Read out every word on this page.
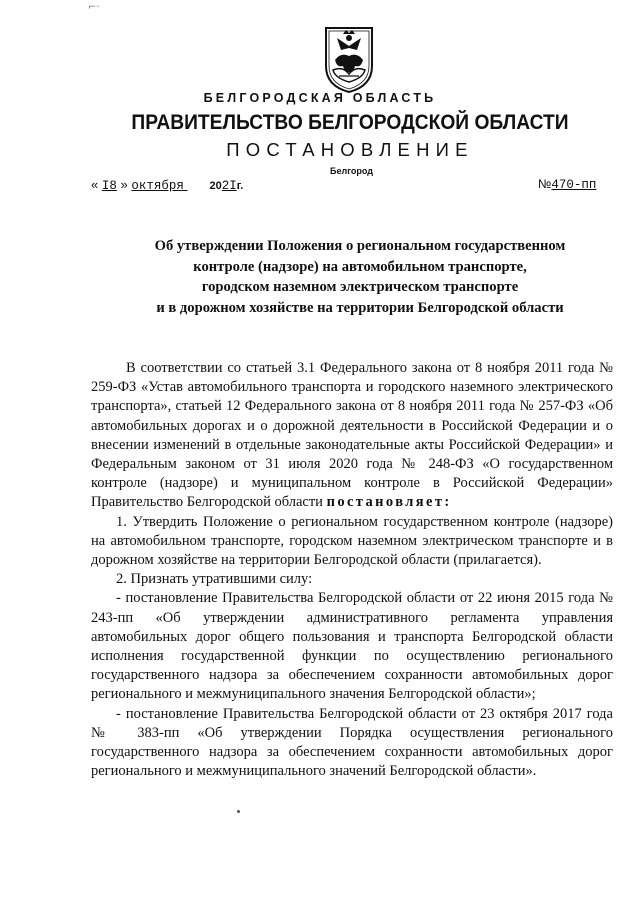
⌐·
БЕЛГОРОДСКАЯ ОБЛАСТЬ
ПРАВИТЕЛЬСТВО БЕЛГОРОДСКОЙ ОБЛАСТИ
ПОСТАНОВЛЕНИЕ
Белгород
« I8 » октября 202Iг.	№470-пп
Об утверждении Положения о региональном государственном
контроле (надзоре) на автомобильном транспорте,
городском наземном электрическом транспорте
и в дорожном хозяйстве на территории Белгородской области
В соответствии со статьей 3.1 Федерального закона от 8 ноября 2011 года № 259-ФЗ «Устав автомобильного транспорта и городского наземного электрического транспорта», статьей 12 Федерального закона от 8 ноября 2011 года № 257-ФЗ «Об автомобильных дорогах и о дорожной деятельности в Российской Федерации и о внесении изменений в отдельные законодательные акты Российской Федерации» и Федеральным законом от 31 июля 2020 года № 248-ФЗ «О государственном контроле (надзоре) и муниципальном контроле в Российской Федерации» Правительство Белгородской области постановляет:
1. Утвердить Положение о региональном государственном контроле (надзоре) на автомобильном транспорте, городском наземном электрическом транспорте и в дорожном хозяйстве на территории Белгородской области (прилагается).
2. Признать утратившими силу:
- постановление Правительства Белгородской области от 22 июня 2015 года № 243-пп «Об утверждении административного регламента управления автомобильных дорог общего пользования и транспорта Белгородской области исполнения государственной функции по осуществлению регионального государственного надзора за обеспечением сохранности автомобильных дорог регионального и межмуниципального значения Белгородской области»;
- постановление Правительства Белгородской области от 23 октября 2017 года № 383-пп «Об утверждении Порядка осуществления регионального государственного надзора за обеспечением сохранности автомобильных дорог регионального и межмуниципального значений Белгородской области».
